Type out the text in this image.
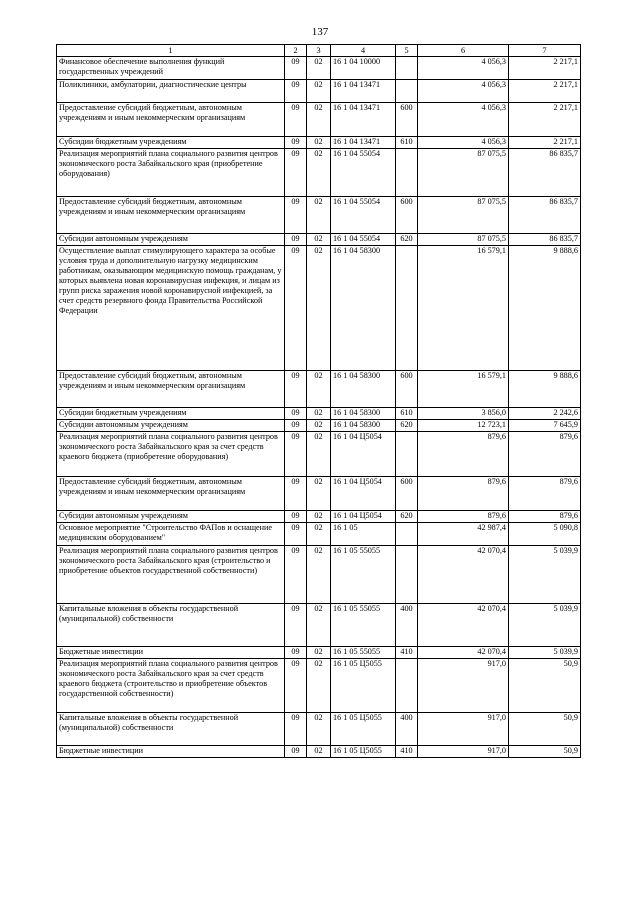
137
1	2	3	4	5	6	7
Финансовое обеспечение выполнения функций государственных учреждений	09	02	16 1 04 10000		4 056,3	2 217,1
Поликлиники, амбулатории, диагностические центры	09	02	16 1 04 13471		4 056,3	2 217,1
Предоставление субсидий бюджетным, автономным учреждениям и иным некоммерческим организациям	09	02	16 1 04 13471	600	4 056,3	2 217,1
Субсидии бюджетным учреждениям	09	02	16 1 04 13471	610	4 056,3	2 217,1
Реализация мероприятий плана социального развития центров экономического роста Забайкальского края (приобретение оборудования)	09	02	16 1 04 55054		87 075,5	86 835,7
Предоставление субсидий бюджетным, автономным учреждениям и иным некоммерческим организациям	09	02	16 1 04 55054	600	87 075,5	86 835,7
Субсидии автономным учреждениям	09	02	16 1 04 55054	620	87 075,5	86 835,7
Осуществление выплат стимулирующего характера за особые условия труда и дополнительную нагрузку медицинским работникам, оказывающим медицинскую помощь гражданам, у которых выявлена новая коронавирусная инфекция, и лицам из групп риска заражения новой коронавирусной инфекцией, за счет средств резервного фонда Правительства Российской Федерации	09	02	16 1 04 58300		16 579,1	9 888,6
Предоставление субсидий бюджетным, автономным учреждениям и иным некоммерческим организациям	09	02	16 1 04 58300	600	16 579,1	9 888,6
Субсидии бюджетным учреждениям	09	02	16 1 04 58300	610	3 856,0	2 242,6
Субсидии автономным учреждениям	09	02	16 1 04 58300	620	12 723,1	7 645,9
Реализация мероприятий плана социального развития центров экономического роста Забайкальского края за счет средств краевого бюджета (приобретение оборудования)	09	02	16 1 04 Ц5054		879,6	879,6
Предоставление субсидий бюджетным, автономным учреждениям и иным некоммерческим организациям	09	02	16 1 04 Ц5054	600	879,6	879,6
Субсидии автономным учреждениям	09	02	16 1 04 Ц5054	620	879,6	879,6
Основное мероприятие "Строительство ФАПов и оснащение медицинским оборудованием"	09	02	16 1 05		42 987,4	5 090,8
Реализация мероприятий плана социального развития центров экономического роста Забайкальского края (строительство и приобретение объектов государственной собственности)	09	02	16 1 05 55055		42 070,4	5 039,9
Капитальные вложения в объекты государственной (муниципальной) собственности	09	02	16 1 05 55055	400	42 070,4	5 039,9
Бюджетные инвестиции	09	02	16 1 05 55055	410	42 070,4	5 039,9
Реализация мероприятий плана социального развития центров экономического роста Забайкальского края за счет средств краевого бюджета (строительство и приобретение объектов государственной собственности)	09	02	16 1 05 Ц5055		917,0	50,9
Капитальные вложения в объекты государственной (муниципальной) собственности	09	02	16 1 05 Ц5055	400	917,0	50,9
Бюджетные инвестиции	09	02	16 1 05 Ц5055	410	917,0	50,9
